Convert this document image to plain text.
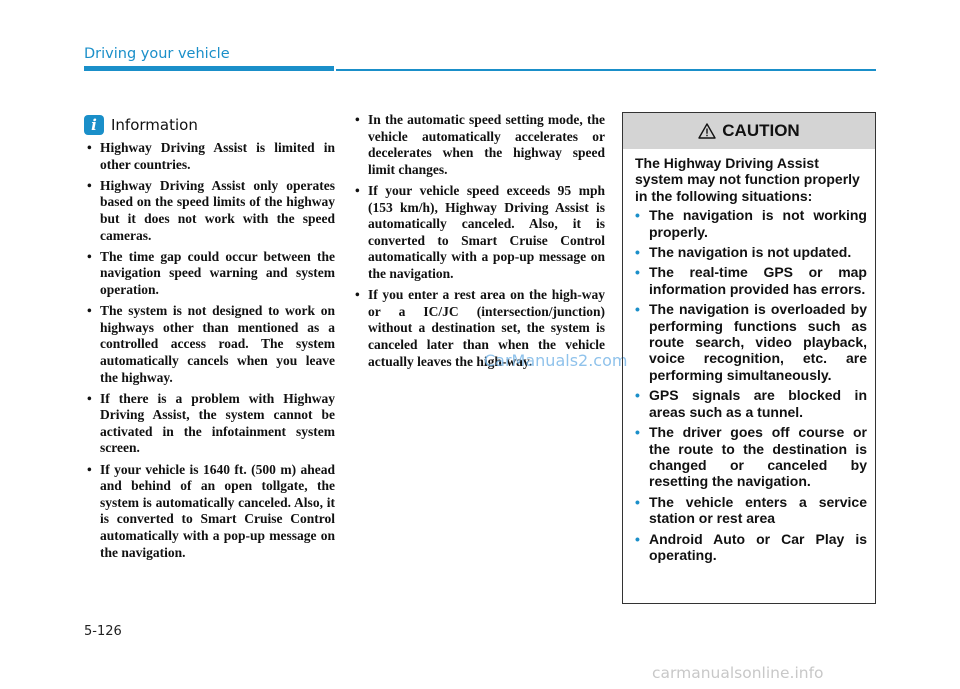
Driving your vehicle
i Information
• Highway Driving Assist is limited in other countries.
• Highway Driving Assist only operates based on the speed limits of the highway but it does not work with the speed cameras.
• The time gap could occur between the navigation speed warning and system operation.
• The system is not designed to work on highways other than mentioned as a controlled access road. The system automatically cancels when you leave the highway.
• If there is a problem with Highway Driving Assist, the system cannot be activated in the infotainment system screen.
• If your vehicle is 1640 ft. (500 m) ahead and behind of an open tollgate, the system is automatically canceled. Also, it is converted to Smart Cruise Control automatically with a pop-up message on the navigation.
• In the automatic speed setting mode, the vehicle automatically accelerates or decelerates when the highway speed limit changes.
• If your vehicle speed exceeds 95 mph (153 km/h), Highway Driving Assist is automatically canceled. Also, it is converted to Smart Cruise Control automatically with a pop-up message on the navigation.
• If you enter a rest area on the high-way or a IC/JC (intersection/junction) without a destination set, the system is canceled later than when the vehicle actually leaves the high-way.
CarManuals2.com
CAUTION

The Highway Driving Assist system may not function properly in the following situations:

• The navigation is not working properly.
• The navigation is not updated.
• The real-time GPS or map information provided has errors.
• The navigation is overloaded by performing functions such as route search, video playback, voice recognition, etc. are performing simultaneously.
• GPS signals are blocked in areas such as a tunnel.
• The driver goes off course or the route to the destination is changed or canceled by resetting the navigation.
• The vehicle enters a service station or rest area
• Android Auto or Car Play is operating.
5-126
carmanualsonline.info
